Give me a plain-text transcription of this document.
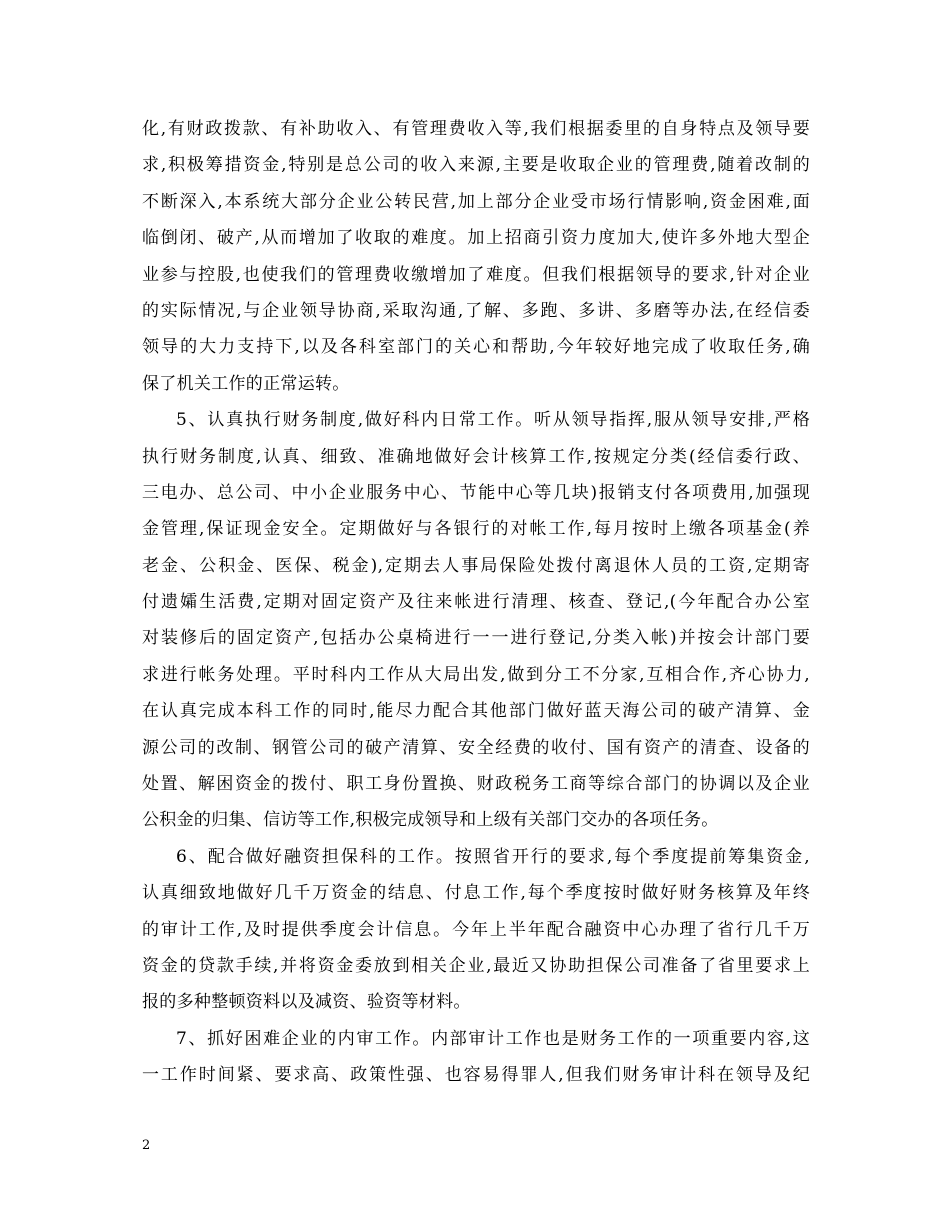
化,有财政拨款、有补助收入、有管理费收入等,我们根据委里的自身特点及领导要
求,积极筹措资金,特别是总公司的收入来源,主要是收取企业的管理费,随着改制的
不断深入,本系统大部分企业公转民营,加上部分企业受市场行情影响,资金困难,面
临倒闭、破产,从而增加了收取的难度。加上招商引资力度加大,使许多外地大型企
业参与控股,也使我们的管理费收缴增加了难度。但我们根据领导的要求,针对企业
的实际情况,与企业领导协商,采取沟通,了解、多跑、多讲、多磨等办法,在经信委
领导的大力支持下,以及各科室部门的关心和帮助,今年较好地完成了收取任务,确
保了机关工作的正常运转。
5、认真执行财务制度,做好科内日常工作。听从领导指挥,服从领导安排,严格
执行财务制度,认真、细致、准确地做好会计核算工作,按规定分类(经信委行政、
三电办、总公司、中小企业服务中心、节能中心等几块)报销支付各项费用,加强现
金管理,保证现金安全。定期做好与各银行的对帐工作,每月按时上缴各项基金(养
老金、公积金、医保、税金),定期去人事局保险处拨付离退休人员的工资,定期寄
付遗孀生活费,定期对固定资产及往来帐进行清理、核查、登记,(今年配合办公室
对装修后的固定资产,包括办公桌椅进行一一进行登记,分类入帐)并按会计部门要
求进行帐务处理。平时科内工作从大局出发,做到分工不分家,互相合作,齐心协力,
在认真完成本科工作的同时,能尽力配合其他部门做好蓝天海公司的破产清算、金
源公司的改制、钢管公司的破产清算、安全经费的收付、国有资产的清查、设备的
处置、解困资金的拨付、职工身份置换、财政税务工商等综合部门的协调以及企业
公积金的归集、信访等工作,积极完成领导和上级有关部门交办的各项任务。
6、配合做好融资担保科的工作。按照省开行的要求,每个季度提前筹集资金,
认真细致地做好几千万资金的结息、付息工作,每个季度按时做好财务核算及年终
的审计工作,及时提供季度会计信息。今年上半年配合融资中心办理了省行几千万
资金的贷款手续,并将资金委放到相关企业,最近又协助担保公司准备了省里要求上
报的多种整顿资料以及减资、验资等材料。
7、抓好困难企业的内审工作。内部审计工作也是财务工作的一项重要内容,这
一工作时间紧、要求高、政策性强、也容易得罪人,但我们财务审计科在领导及纪
2
